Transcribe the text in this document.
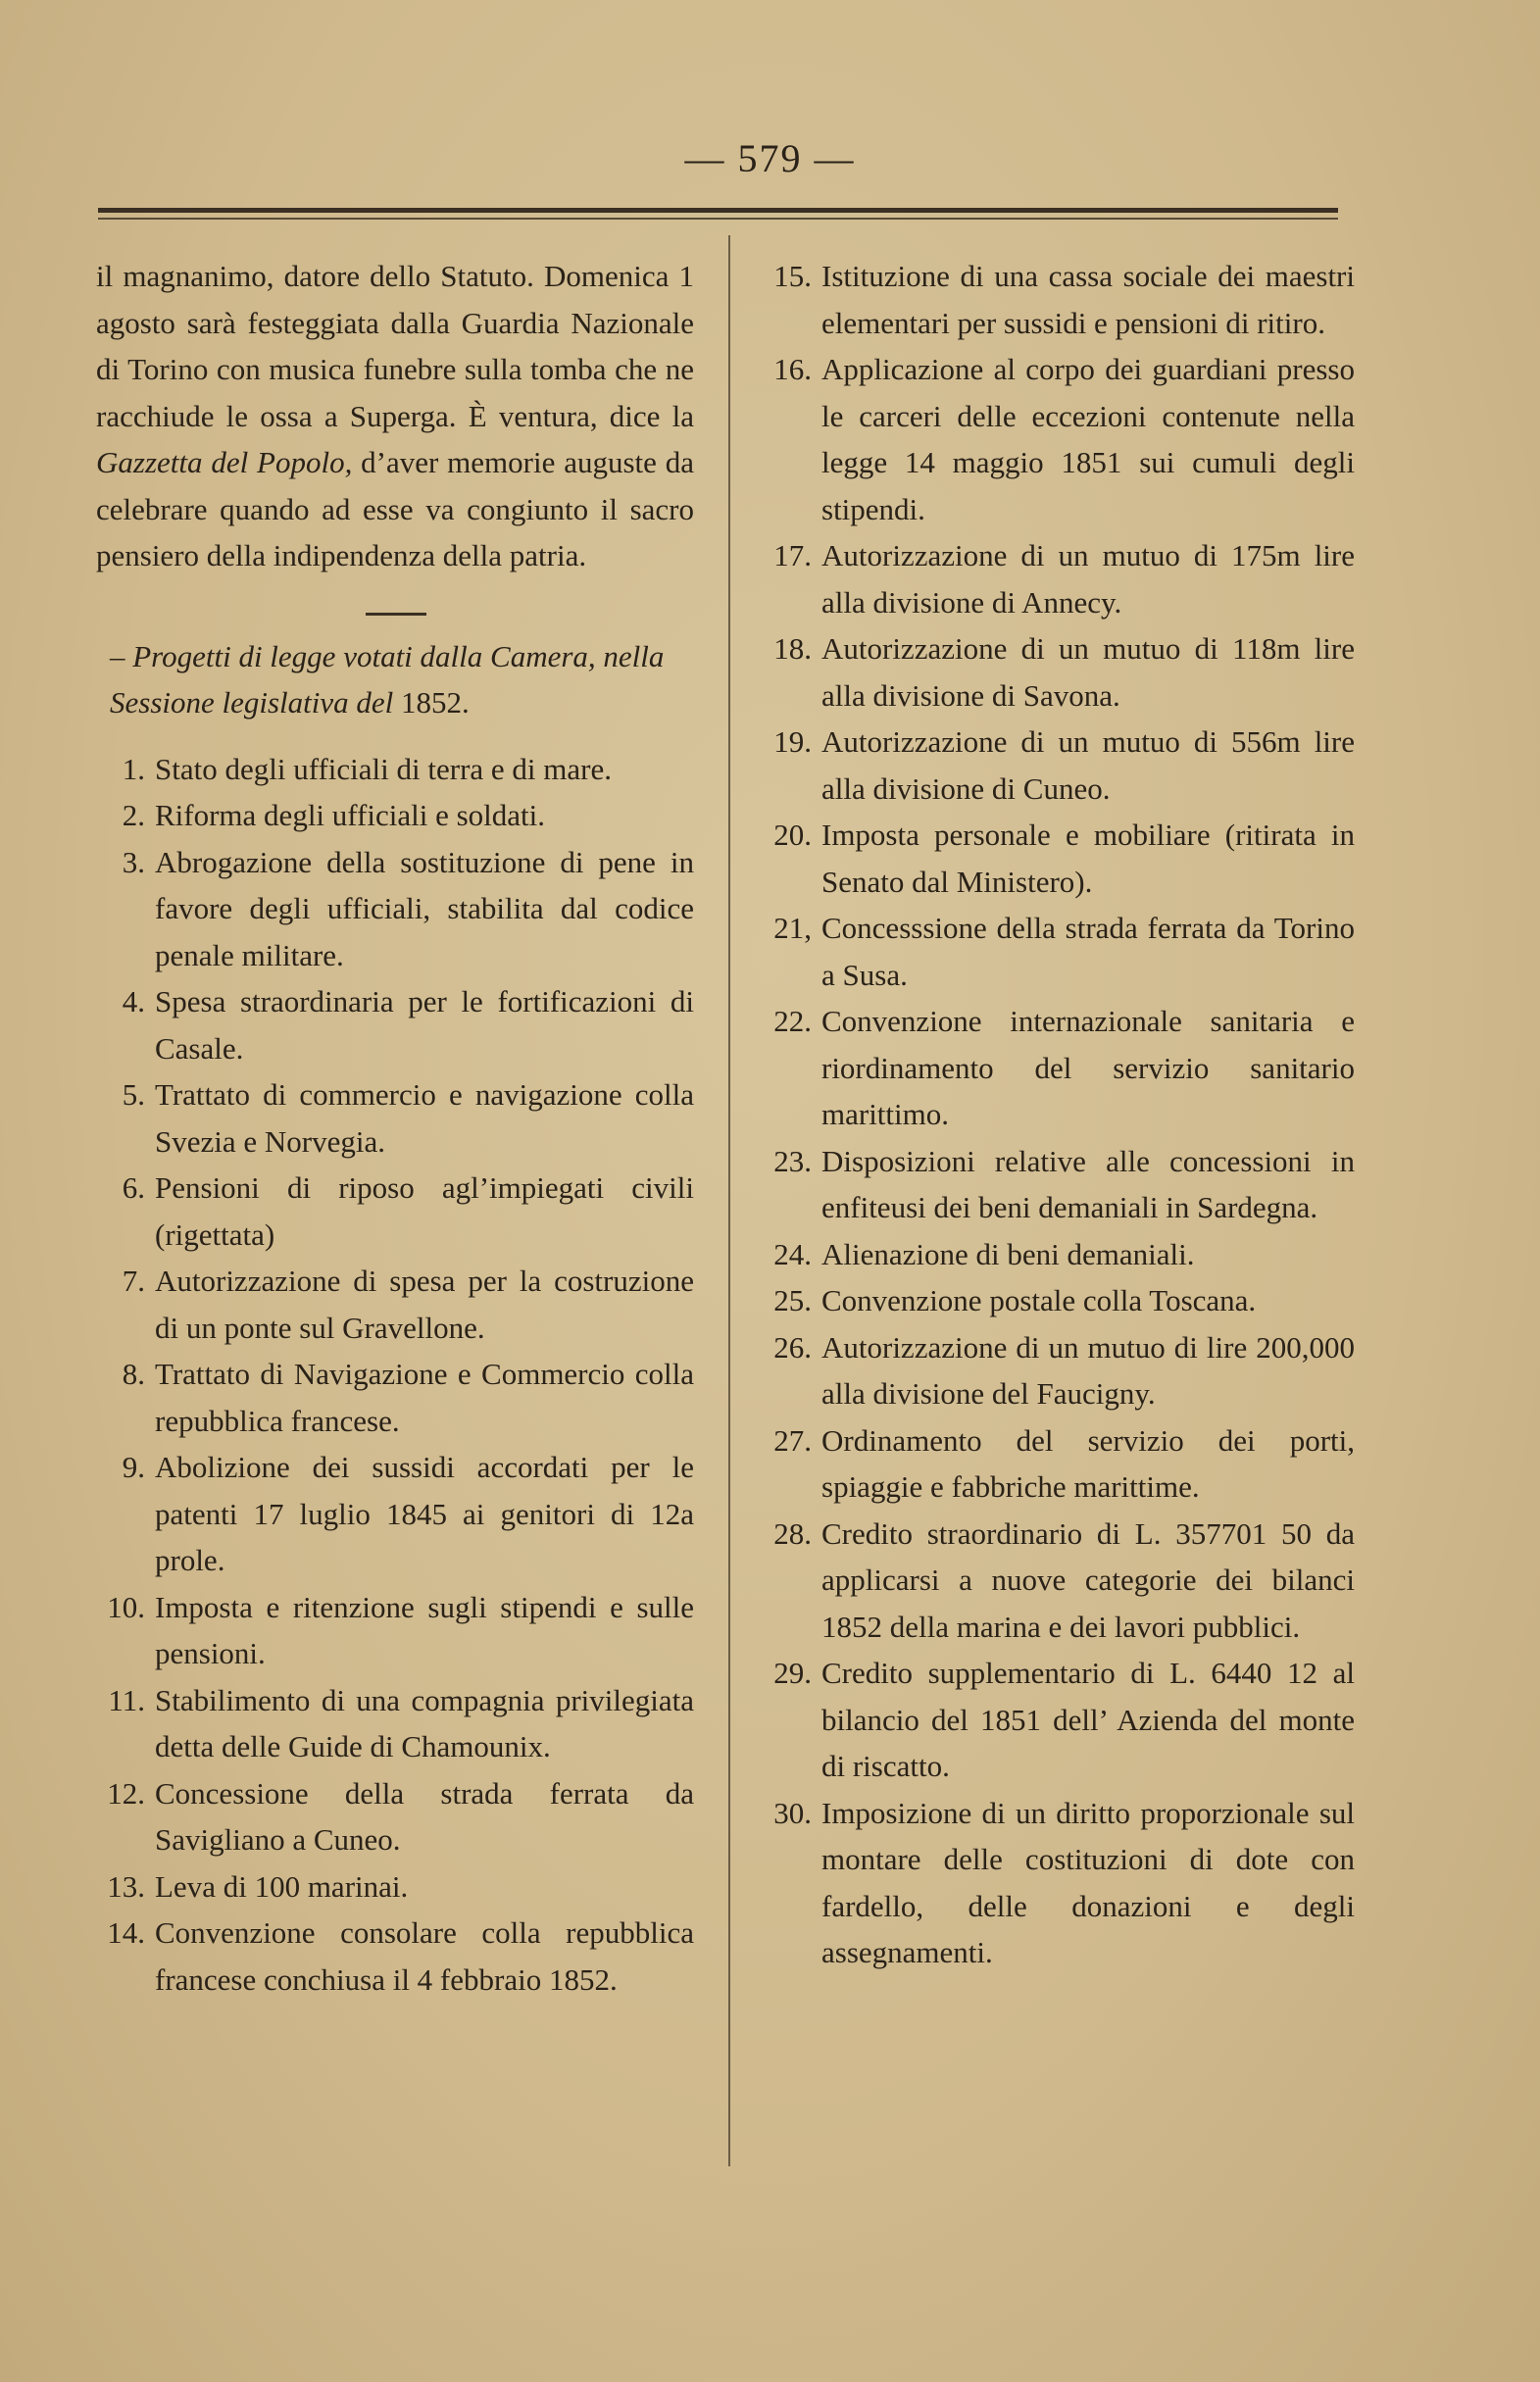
— 579 —

il magnanimo, datore dello Statuto. Domenica 1 agosto sarà festeggiata dalla Guardia Nazionale di Torino con musica funebre sulla tomba che ne racchiude le ossa a Superga. È ventura, dice la Gazzetta del Popolo, d’aver memorie auguste da celebrare quando ad esse va congiunto il sacro pensiero della indipendenza della patria.

– Progetti di legge votati dalla Camera, nella Sessione legislativa del 1852.

1. Stato degli ufficiali di terra e di mare.
2. Riforma degli ufficiali e soldati.
3. Abrogazione della sostituzione di pene in favore degli ufficiali, stabilita dal codice penale militare.
4. Spesa straordinaria per le fortificazioni di Casale.
5. Trattato di commercio e navigazione colla Svezia e Norvegia.
6. Pensioni di riposo agl’impiegati civili (rigettata)
7. Autorizzazione di spesa per la costruzione di un ponte sul Gravellone.
8. Trattato di Navigazione e Commercio colla repubblica francese.
9. Abolizione dei sussidi accordati per le patenti 17 luglio 1845 ai genitori di 12a prole.
10. Imposta e ritenzione sugli stipendi e sulle pensioni.
11. Stabilimento di una compagnia privilegiata detta delle Guide di Chamounix.
12. Concessione della strada ferrata da Savigliano a Cuneo.
13. Leva di 100 marinai.
14. Convenzione consolare colla repubblica francese conchiusa il 4 febbraio 1852.
15. Istituzione di una cassa sociale dei maestri elementari per sussidi e pensioni di ritiro.
16. Applicazione al corpo dei guardiani presso le carceri delle eccezioni contenute nella legge 14 maggio 1851 sui cumuli degli stipendi.
17. Autorizzazione di un mutuo di 175m lire alla divisione di Annecy.
18. Autorizzazione di un mutuo di 118m lire alla divisione di Savona.
19. Autorizzazione di un mutuo di 556m lire alla divisione di Cuneo.
20. Imposta personale e mobiliare (ritirata in Senato dal Ministero).
21, Concesssione della strada ferrata da Torino a Susa.
22. Convenzione internazionale sanitaria e riordinamento del servizio sanitario marittimo.
23. Disposizioni relative alle concessioni in enfiteusi dei beni demaniali in Sardegna.
24. Alienazione di beni demaniali.
25. Convenzione postale colla Toscana.
26. Autorizzazione di un mutuo di lire 200,000 alla divisione del Faucigny.
27. Ordinamento del servizio dei porti, spiaggie e fabbriche marittime.
28. Credito straordinario di L. 357701 50 da applicarsi a nuove categorie dei bilanci 1852 della marina e dei lavori pubblici.
29. Credito supplementario di L. 6440 12 al bilancio del 1851 dell’ Azienda del monte di riscatto.
30. Imposizione di un diritto proporzionale sul montare delle costituzioni di dote con fardello, delle donazioni e degli assegnamenti.
